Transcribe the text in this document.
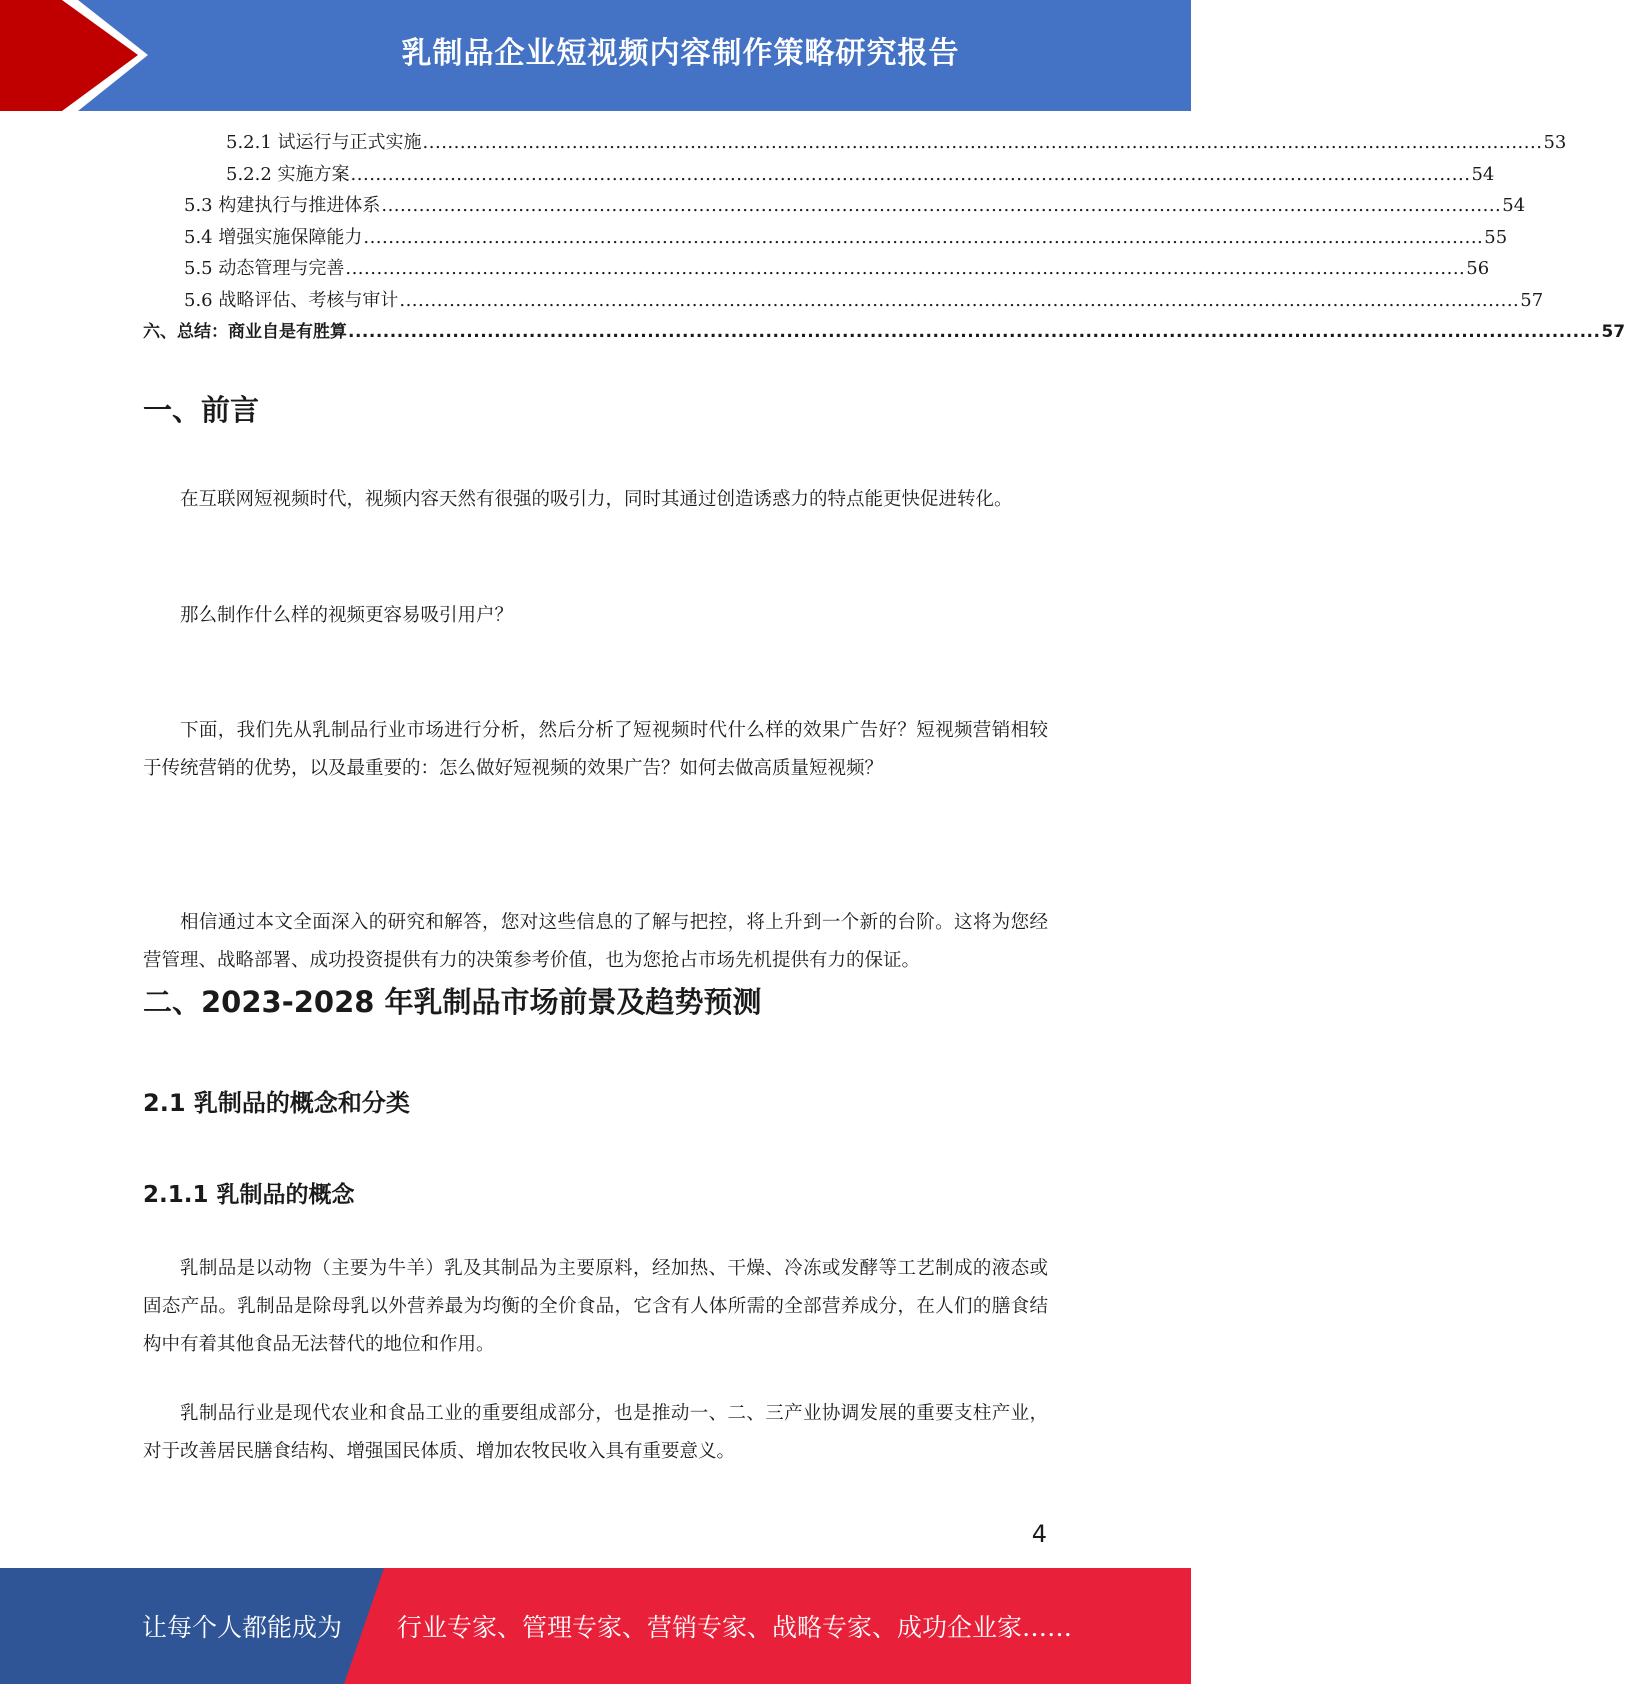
乳制品企业短视频内容制作策略研究报告
5.2.1 试运行与正式实施 .................................................................................................................................................................................... 53
5.2.2 实施方案 .................................................................................................................................................................................... 54
5.3 构建执行与推进体系 .................................................................................................................................................................................... 54
5.4 增强实施保障能力 .................................................................................................................................................................................... 55
5.5 动态管理与完善 .................................................................................................................................................................................... 56
5.6 战略评估、考核与审计 .................................................................................................................................................................................... 57
六、总结：商业自是有胜算 .................................................................................................................................................................................... 57
一、前言

在互联网短视频时代，视频内容天然有很强的吸引力，同时其通过创造诱惑力的特点能更快促进转化。

那么制作什么样的视频更容易吸引用户？

下面，我们先从乳制品行业市场进行分析，然后分析了短视频时代什么样的效果广告好？短视频营销相较于传统营销的优势，以及最重要的：怎么做好短视频的效果广告？如何去做高质量短视频？

相信通过本文全面深入的研究和解答，您对这些信息的了解与把控，将上升到一个新的台阶。这将为您经营管理、战略部署、成功投资提供有力的决策参考价值，也为您抢占市场先机提供有力的保证。

二、2023-2028 年乳制品市场前景及趋势预测
2.1 乳制品的概念和分类
2.1.1 乳制品的概念

乳制品是以动物（主要为牛羊）乳及其制品为主要原料，经加热、干燥、冷冻或发酵等工艺制成的液态或固态产品。乳制品是除母乳以外营养最为均衡的全价食品，它含有人体所需的全部营养成分，在人们的膳食结构中有着其他食品无法替代的地位和作用。

乳制品行业是现代农业和食品工业的重要组成部分，也是推动一、二、三产业协调发展的重要支柱产业，对于改善居民膳食结构、增强国民体质、增加农牧民收入具有重要意义。

4
让每个人都能成为 行业专家、管理专家、营销专家、战略专家、成功企业家……
